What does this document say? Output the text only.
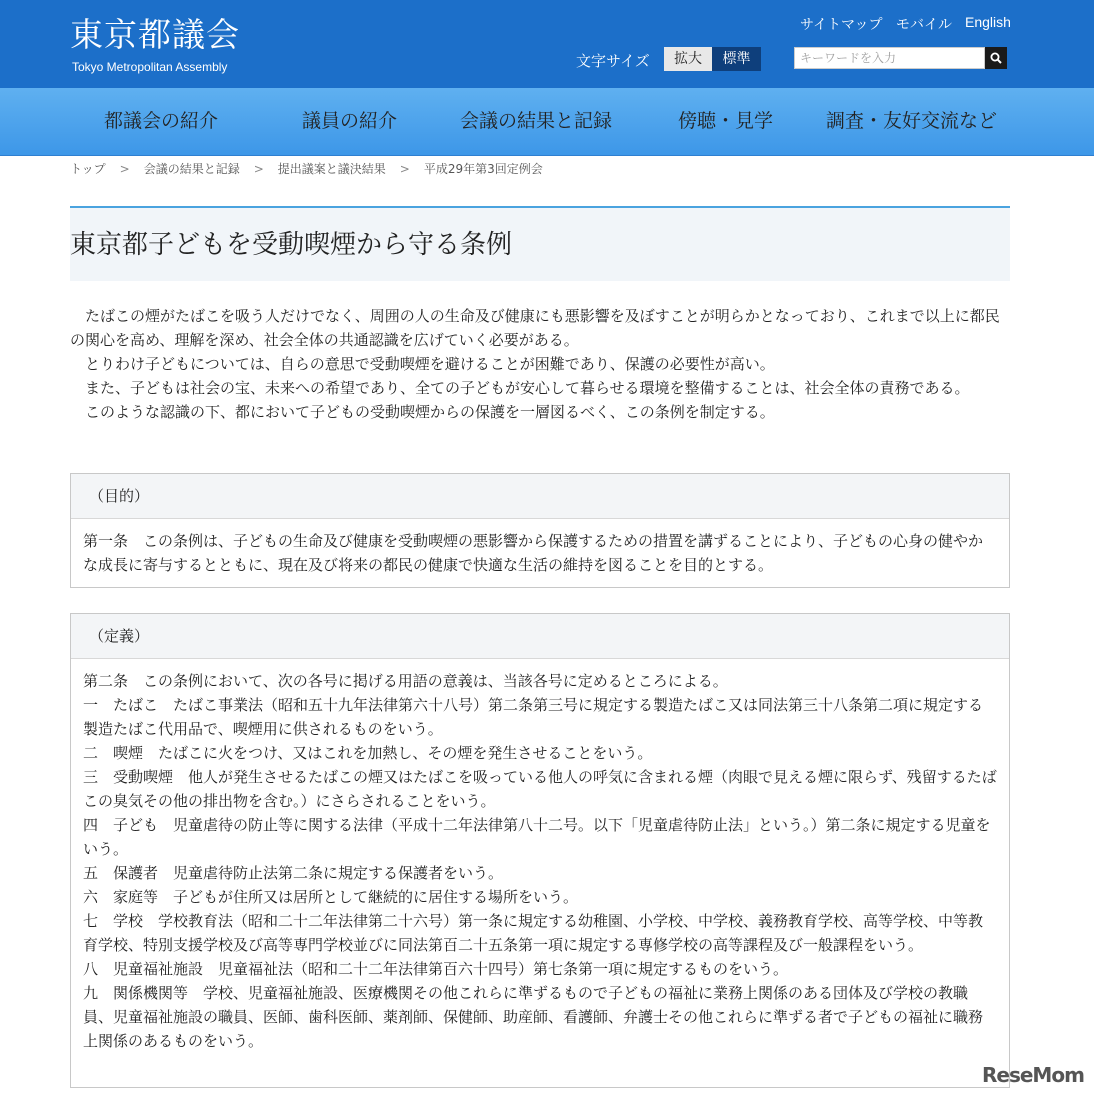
東京都議会
Tokyo Metropolitan Assembly
サイトマップ モバイル English
文字サイズ	拡大	標準
キーワードを入力
都議会の紹介	議員の紹介	会議の結果と記録	傍聴・見学	調査・友好交流など
トップ > 会議の結果と記録 > 提出議案と議決結果 > 平成29年第3回定例会
東京都子どもを受動喫煙から守る条例

たばこの煙がたばこを吸う人だけでなく、周囲の人の生命及び健康にも悪影響を及ぼすことが明らかとなっており、これまで以上に都民の関心を高め、理解を深め、社会全体の共通認識を広げていく必要がある。

とりわけ子どもについては、自らの意思で受動喫煙を避けることが困難であり、保護の必要性が高い。

また、子どもは社会の宝、未来への希望であり、全ての子どもが安心して暮らせる環境を整備することは、社会全体の責務である。

このような認識の下、都において子どもの受動喫煙からの保護を一層図るべく、この条例を制定する。

（目的）

第一条　この条例は、子どもの生命及び健康を受動喫煙の悪影響から保護するための措置を講ずることにより、子どもの心身の健やかな成長に寄与するとともに、現在及び将来の都民の健康で快適な生活の維持を図ることを目的とする。

（定義）

第二条　この条例において、次の各号に掲げる用語の意義は、当該各号に定めるところによる。

一　たばこ　たばこ事業法（昭和五十九年法律第六十八号）第二条第三号に規定する製造たばこ又は同法第三十八条第二項に規定する製造たばこ代用品で、喫煙用に供されるものをいう。

二　喫煙　たばこに火をつけ、又はこれを加熱し、その煙を発生させることをいう。

三　受動喫煙　他人が発生させるたばこの煙又はたばこを吸っている他人の呼気に含まれる煙（肉眼で見える煙に限らず、残留するたばこの臭気その他の排出物を含む。）にさらされることをいう。

四　子ども　児童虐待の防止等に関する法律（平成十二年法律第八十二号。以下「児童虐待防止法」という。）第二条に規定する児童をいう。

五　保護者　児童虐待防止法第二条に規定する保護者をいう。

六　家庭等　子どもが住所又は居所として継続的に居住する場所をいう。

七　学校　学校教育法（昭和二十二年法律第二十六号）第一条に規定する幼稚園、小学校、中学校、義務教育学校、高等学校、中等教育学校、特別支援学校及び高等専門学校並びに同法第百二十五条第一項に規定する専修学校の高等課程及び一般課程をいう。

八　児童福祉施設　児童福祉法（昭和二十二年法律第百六十四号）第七条第一項に規定するものをいう。

九　関係機関等　学校、児童福祉施設、医療機関その他これらに準ずるもので子どもの福祉に業務上関係のある団体及び学校の教職員、児童福祉施設の職員、医師、歯科医師、薬剤師、保健師、助産師、看護師、弁護士その他これらに準ずる者で子どもの福祉に職務上関係のあるものをいう。

ReseMom
